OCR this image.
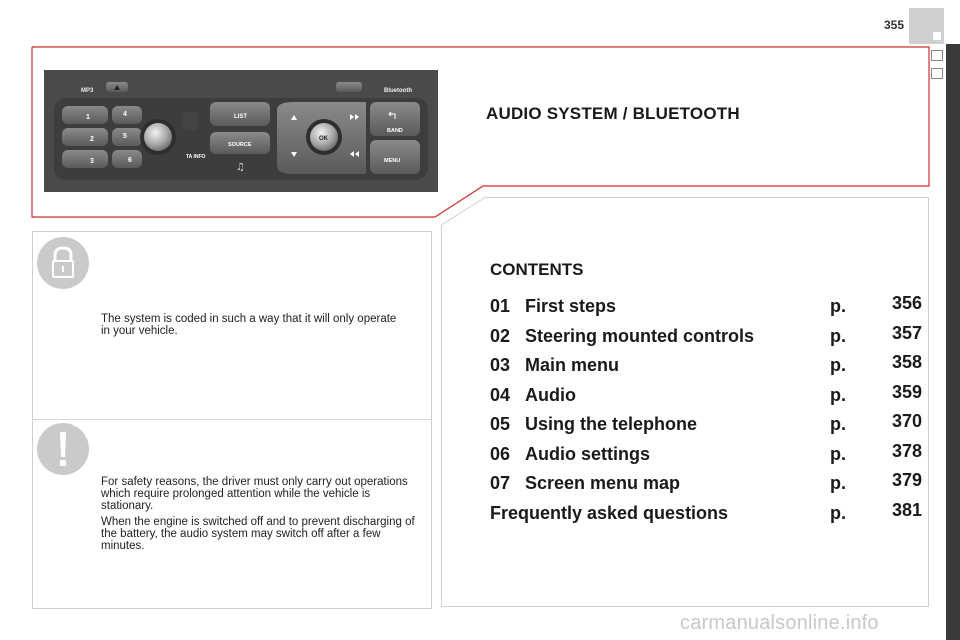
355
MP3	Bluetooth
1
2
3
4
5
6	TA INFO
LIST
SOURCE
♫
OK
BAND
MENU
AUDIO SYSTEM / BLUETOOTH

The system is coded in such a way that it will only operate in your vehicle.

For safety reasons, the driver must only carry out operations which require prolonged attention while the vehicle is stationary.

When the engine is switched off and to prevent discharging of the battery, the audio system may switch off after a few minutes.

CONTENTS
01 First steps	p.	356
02 Steering mounted controls	p.	357
03 Main menu	p.	358
04 Audio	p.	359
05 Using the telephone	p.	370
06 Audio settings	p.	378
07 Screen menu map	p.	379
Frequently asked questions	p.	381
carmanualsonline.info
